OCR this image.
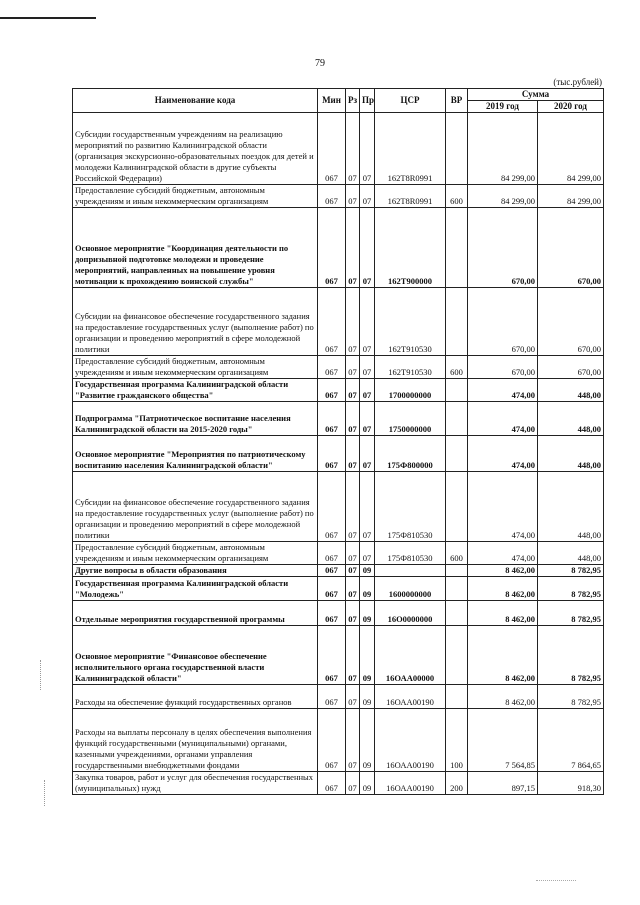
79
(тыс.рублей)
Наименование кода	Мин	Рз	Пр	ЦСР	ВР	Сумма	
						2019 год	2020 год
Субсидии государственным учреждениям на реализацию мероприятий по развитию Калининградской области (организация экскурсионно-образовательных поездок для детей и молодежи Калининградской области в другие субъекты Российской Федерации)	067	07	07	162Т8R0991		84 299,00	84 299,00
Предоставление субсидий бюджетным, автономным учреждениям и иным некоммерческим организациям	067	07	07	162Т8R0991	600	84 299,00	84 299,00
Основное мероприятие "Координация деятельности по допризывной подготовке молодежи и проведение мероприятий, направленных на повышение уровня мотивации к прохождению воинской службы"	067	07	07	162Т900000		670,00	670,00
Субсидии на финансовое обеспечение государственного задания на предоставление государственных услуг (выполнение работ) по организации и проведению мероприятий в сфере молодежной политики	067	07	07	162Т910530		670,00	670,00
Предоставление субсидий бюджетным, автономным учреждениям и иным некоммерческим организациям	067	07	07	162Т910530	600	670,00	670,00
Государственная программа Калининградской области "Развитие гражданского общества"	067	07	07	1700000000		474,00	448,00
Подпрограмма "Патриотическое воспитание населения Калининградской области на 2015-2020 годы"	067	07	07	1750000000		474,00	448,00
Основное мероприятие "Мероприятия по патриотическому воспитанию населения Калининградской области"	067	07	07	175Ф800000		474,00	448,00
Субсидии на финансовое обеспечение государственного задания на предоставление государственных услуг (выполнение работ) по организации и проведению мероприятий в сфере молодежной политики	067	07	07	175Ф810530		474,00	448,00
Предоставление субсидий бюджетным, автономным учреждениям и иным некоммерческим организациям	067	07	07	175Ф810530	600	474,00	448,00
Другие вопросы в области образования	067	07	09			8 462,00	8 782,95
Государственная программа Калининградской области "Молодежь"	067	07	09	1600000000		8 462,00	8 782,95
Отдельные мероприятия государственной программы	067	07	09	16О0000000		8 462,00	8 782,95
Основное мероприятие "Финансовое обеспечение исполнительного органа государственной власти Калининградской области"	067	07	09	16ОАА00000		8 462,00	8 782,95
Расходы на обеспечение функций государственных органов	067	07	09	16ОАА00190		8 462,00	8 782,95
Расходы на выплаты персоналу в целях обеспечения выполнения функций государственными (муниципальными) органами, казенными учреждениями, органами управления государственными внебюджетными фондами	067	07	09	16ОАА00190	100	7 564,85	7 864,65
Закупка товаров, работ и услуг для обеспечения государственных (муниципальных) нужд	067	07	09	16ОАА00190	200	897,15	918,30
